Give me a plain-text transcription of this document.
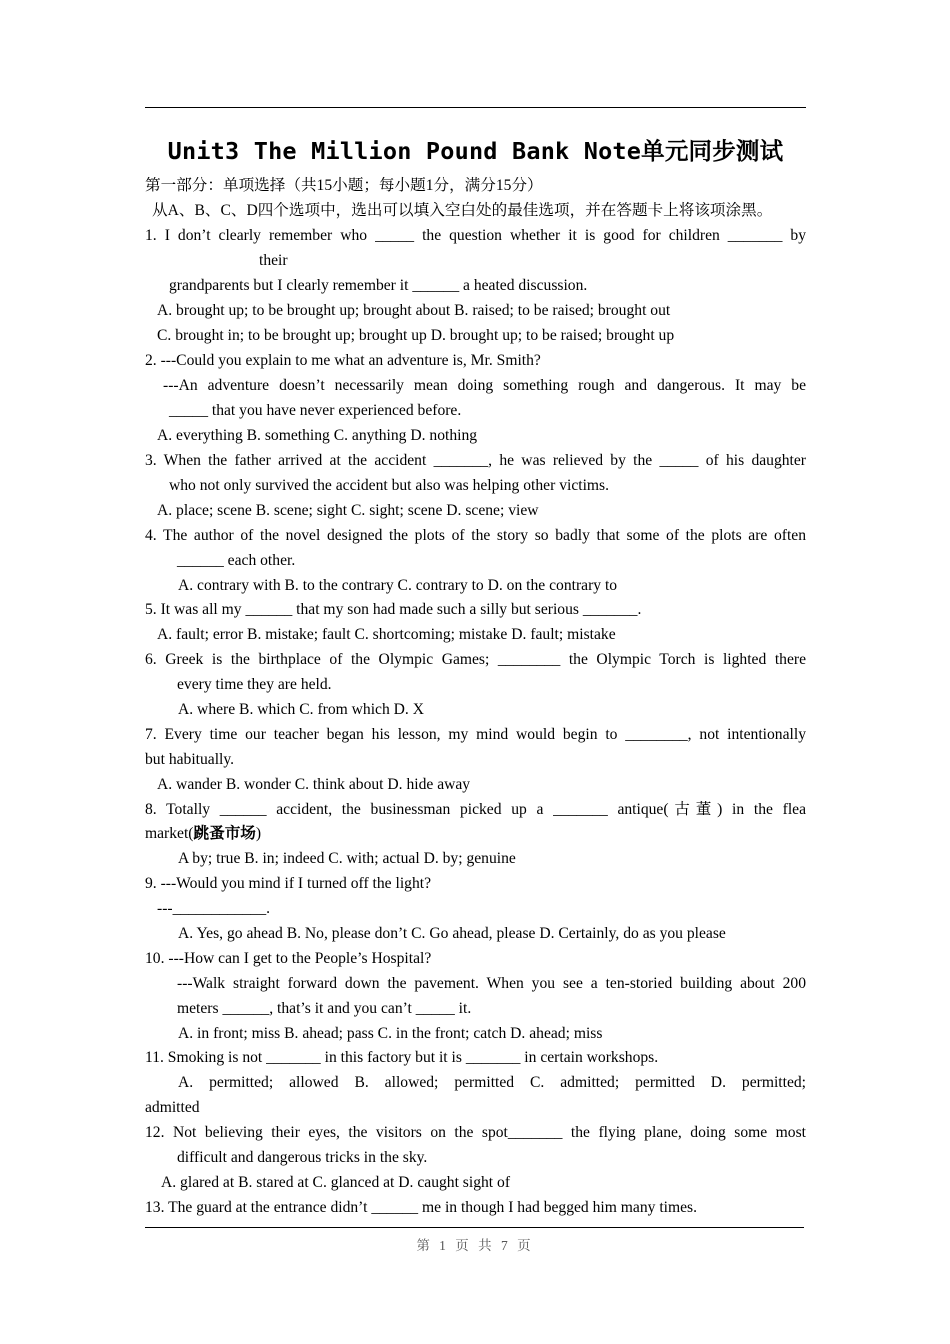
Unit3 The Million Pound Bank Note单元同步测试
第一部分：单项选择（共15小题；每小题1分，满分15分）
从A、B、C、D四个选项中，选出可以填入空白处的最佳选项，并在答题卡上将该项涂黑。
1. I don’t clearly remember who _____ the question whether it is good for children _______ by
their
grandparents but I clearly remember it ______ a heated discussion.
A. brought up; to be brought up; brought about B. raised; to be raised; brought out
C. brought in; to be brought up; brought up D. brought up; to be raised; brought up
2. ---Could you explain to me what an adventure is, Mr. Smith?
---An adventure doesn’t necessarily mean doing something rough and dangerous. It may be
_____ that you have never experienced before.
A. everything B. something C. anything D. nothing
3. When the father arrived at the accident _______, he was relieved by the _____ of his daughter
who not only survived the accident but also was helping other victims.
A. place; scene B. scene; sight C. sight; scene D. scene; view
4. The author of the novel designed the plots of the story so badly that some of the plots are often
______ each other.
A. contrary with B. to the contrary C. contrary to D. on the contrary to
5. It was all my ______ that my son had made such a silly but serious _______.
A. fault; error B. mistake; fault C. shortcoming; mistake D. fault; mistake
6. Greek is the birthplace of the Olympic Games; ________ the Olympic Torch is lighted there
every time they are held.
A. where B. which C. from which D. X
7. Every time our teacher began his lesson, my mind would begin to ________, not intentionally
but habitually.
A. wander B. wonder C. think about D. hide away
8. Totally ______ accident, the businessman picked up a _______ antique(古董) in the flea
market(跳蚤市场)
A by; true B. in; indeed C. with; actual D. by; genuine
9. ---Would you mind if I turned off the light?
---____________.
A. Yes, go ahead B. No, please don’t C. Go ahead, please D. Certainly, do as you please
10. ---How can I get to the People’s Hospital?
---Walk straight forward down the pavement. When you see a ten-storied building about 200
meters ______, that’s it and you can’t _____ it.
A. in front; miss B. ahead; pass C. in the front; catch D. ahead; miss
11. Smoking is not _______ in this factory but it is _______ in certain workshops.
A. permitted; allowed B. allowed; permitted C. admitted; permitted D. permitted;
admitted
12. Not believing their eyes, the visitors on the spot_______ the flying plane, doing some most
difficult and dangerous tricks in the sky.
A. glared at B. stared at C. glanced at D. caught sight of
13. The guard at the entrance didn’t ______ me in though I had begged him many times.
第 1 页 共 7 页
